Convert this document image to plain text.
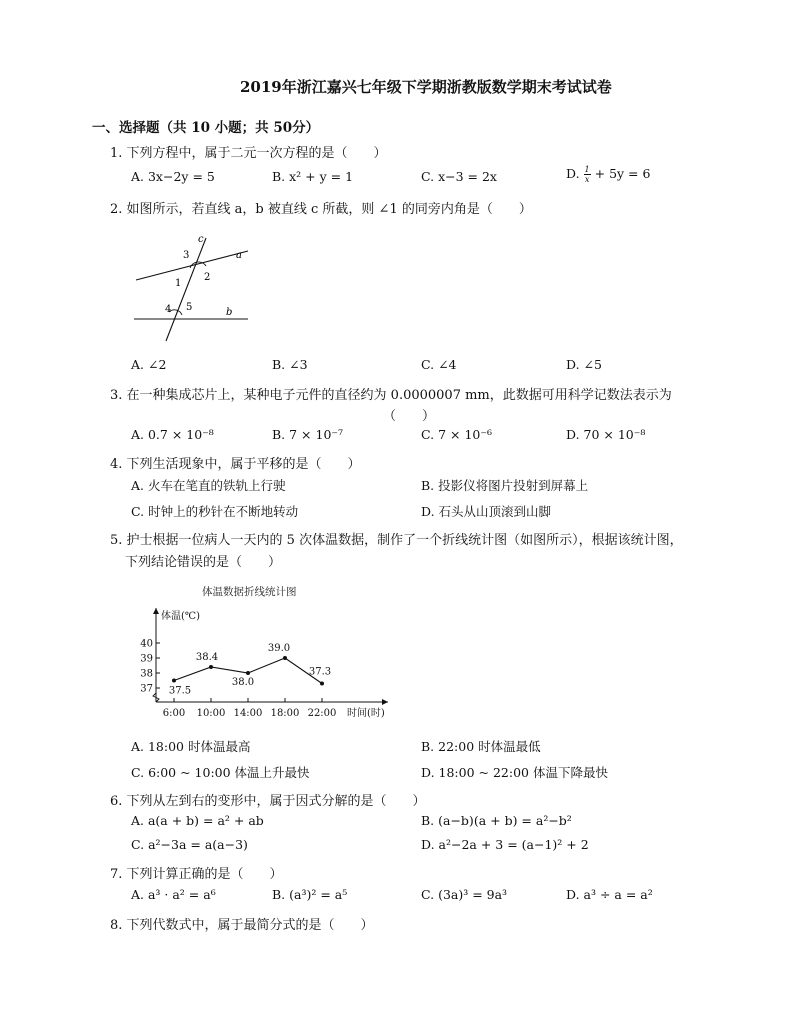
2019年浙江嘉兴七年级下学期浙教版数学期末考试试卷
一、选择题（共 10 小题；共 50分）
1. 下列方程中，属于二元一次方程的是（　　）
A. 3x−2y = 5	B. x² + y = 1	C. x−3 = 2x	D. $\frac{1}{x} + 5y = 6$
2. 如图所示，若直线 a，b 被直线 c 所截，则 ∠1 的同旁内角是（　　）
c
a
b
3
2
1
4 5
A. ∠2	B. ∠3	C. ∠4	D. ∠5
3. 在一种集成芯片上，某种电子元件的直径约为 0.0000007 mm，此数据可用科学记数法表示为
（　　）
A. 0.7 × 10⁻⁸	B. 7 × 10⁻⁷	C. 7 × 10⁻⁶	D. 70 × 10⁻⁸
4. 下列生活现象中，属于平移的是（　　）
A. 火车在笔直的铁轨上行驶	B. 投影仪将图片投射到屏幕上
C. 时钟上的秒针在不断地转动	D. 石头从山顶滚到山脚
5. 护士根据一位病人一天内的 5 次体温数据，制作了一个折线统计图（如图所示），根据该统计图，
下列结论错误的是（　　）
体温数据折线统计图
体温(℃)
时间(时)
37
38
39
40
6:00 10:00 14:00 18:00 22:00
37.5
38.4
38.0
39.0
37.3
A. 18:00 时体温最高	B. 22:00 时体温最低
C. 6:00 ~ 10:00 体温上升最快	D. 18:00 ~ 22:00 体温下降最快
6. 下列从左到右的变形中，属于因式分解的是（　　）
A. a(a + b) = a² + ab	B. (a−b)(a + b) = a²−b²
C. a²−3a = a(a−3)	D. a²−2a + 3 = (a−1)² + 2
7. 下列计算正确的是（　　）
A. a³ · a² = a⁶	B. (a³)² = a⁵	C. (3a)³ = 9a³	D. a³ ÷ a = a²
8. 下列代数式中，属于最简分式的是（　　）
